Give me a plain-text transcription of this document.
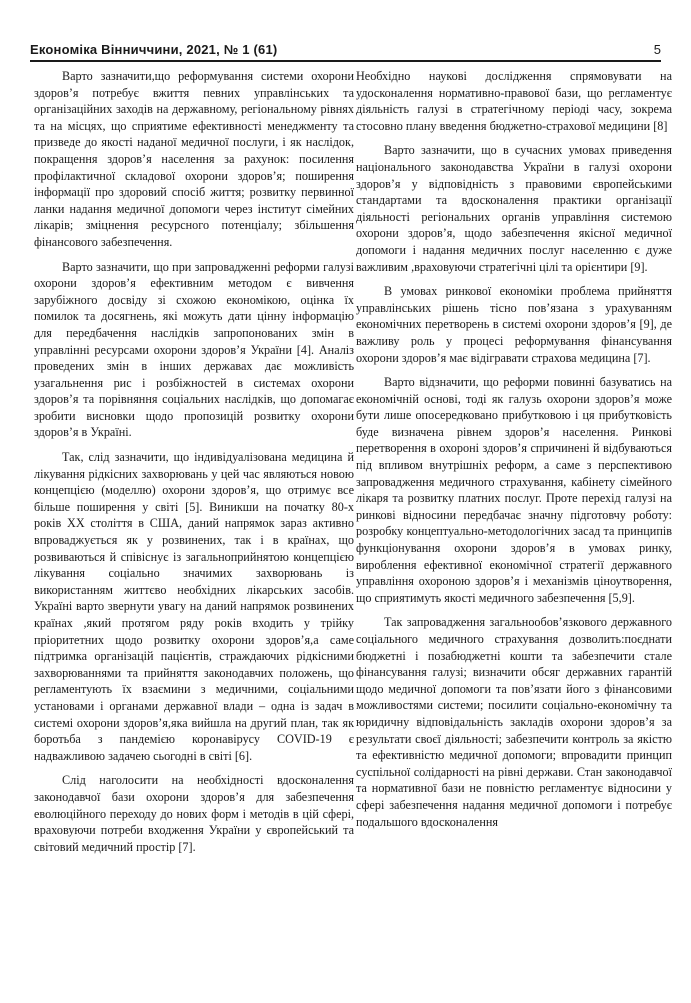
Економіка Вінниччини, 2021, № 1 (61)	5

Варто зазначити,що реформування системи охорони здоров’я потребує вжиття певних управлінських та організаційних заходів на державному, регіональному рівнях та на місцях, що сприятиме ефективності менеджменту та призведе до якості наданої медичної послуги, і як наслідок, покращення здоров’я населення за рахунок: посилення профілактичної складової охорони здоров’я; поширення інформації про здоровий спосіб життя; розвитку первинної ланки надання медичної допомоги через інститут сімейних лікарів; зміцнення ресурсного потенціалу; збільшення фінансового забезпечення.

Варто зазначити, що при запровадженні реформи галузі охорони здоров’я ефективним методом є вивчення зарубіжного досвіду зі схожою економікою, оцінка їх помилок та досягнень, які можуть дати цінну інформацію для передбачення наслідків запропонованих змін в управлінні ресурсами охорони здоров’я України [4]. Аналіз проведених змін в інших державах дає можливість узагальнення рис і розбіжностей в системах охорони здоров’я та порівняння соціальних наслідків, що допомагає зробити висновки щодо пропозицій розвитку охорони здоров’я в Україні.

Так, слід зазначити, що індивідуалізована медицина й лікування рідкісних захворювань у цей час являються новою концепцією (моделлю) охорони здоров’я, що отримує все більше поширення у світі [5]. Виникши на початку 80-х років XX століття в США, даний напрямок зараз активно впроваджується як у розвинених, так і в країнах, що розвиваються й співіснує із загальноприйнятою концепцією лікування соціально значимих захворювань із використанням життєво необхідних лікарських засобів. Україні варто звернути увагу на даний напрямок розвинених країнах ,який протягом ряду років входить у трійку пріоритетних щодо розвитку охорони здоров’я,а саме підтримка організацій пацієнтів, страждаючих рідкісними захворюваннями та прийняття законодавчих положень, що регламентують їх взаємини з медичними, соціальними установами і органами державної влади – одна із задач в системі охорони здоров’я,яка вийшла на другий план, так як боротьба з пандемією коронавірусу COVID-19 є надважливою задачею сьогодні в світі [6].

Слід наголосити на необхідності вдосконалення законодавчої бази охорони здоров’я для забезпечення еволюційного переходу до нових форм і методів в цій сфері, враховуючи потреби входження України у європейський та світовий медичний простір [7].

Необхідно наукові дослідження спрямовувати на удосконалення нормативно-правової бази, що регламентує діяльність галузі в стратегічному періоді часу, зокрема стосовно плану введення бюджетно-страхової медицини [8]

Варто зазначити, що в сучасних умовах приведення національного законодавства України в галузі охорони здоров’я у відповідність з правовими європейськими стандартами та вдосконалення практики організації діяльності регіональних органів управління системою охорони здоров’я, щодо забезпечення якісної медичної допомоги і надання медичних послуг населенню є дуже важливим ,враховуючи стратегічні цілі та орієнтири [9].

В умовах ринкової економіки проблема прийняття управлінських рішень тісно пов’язана з урахуванням економічних перетворень в системі охорони здоров’я [9], де важливу роль у процесі реформування фінансування охорони здоров’я має відігравати страхова медицина [7].

Варто відзначити, що реформи повинні базуватись на економічній основі, тоді як галузь охорони здоров’я може бути лише опосередковано прибутковою і ця прибутковість буде визначена рівнем здоров’я населення. Ринкові перетворення в охороні здоров’я спричинені й відбуваються під впливом внутрішніх реформ, а саме з перспективою запровадження медичного страхування, кабінету сімейного лікаря та розвитку платних послуг. Проте перехід галузі на ринкові відносини передбачає значну підготовчу роботу: розробку концептуально-методологічних засад та принципів функціонування охорони здоров’я в умовах ринку, вироблення ефективної економічної стратегії державного управління охороною здоров’я і механізмів ціноутворення, що сприятимуть якості медичного забезпечення [5,9].

Так запровадження загальнообов’язкового державного соціального медичного страхування дозволить:поєднати бюджетні і позабюджетні кошти та забезпечити стале фінансування галузі; визначити обсяг державних гарантій щодо медичної допомоги та пов’язати його з фінансовими можливостями системи; посилити соціально-економічну та юридичну відповідальність закладів охорони здоров’я за результати своєї діяльності; забезпечити контроль за якістю та ефективністю медичної допомоги; впровадити принцип суспільної солідарності на рівні держави. Стан законодавчої та нормативної бази не повністю регламентує відносини у сфері забезпечення надання медичної допомоги і потребує подальшого вдосконалення
